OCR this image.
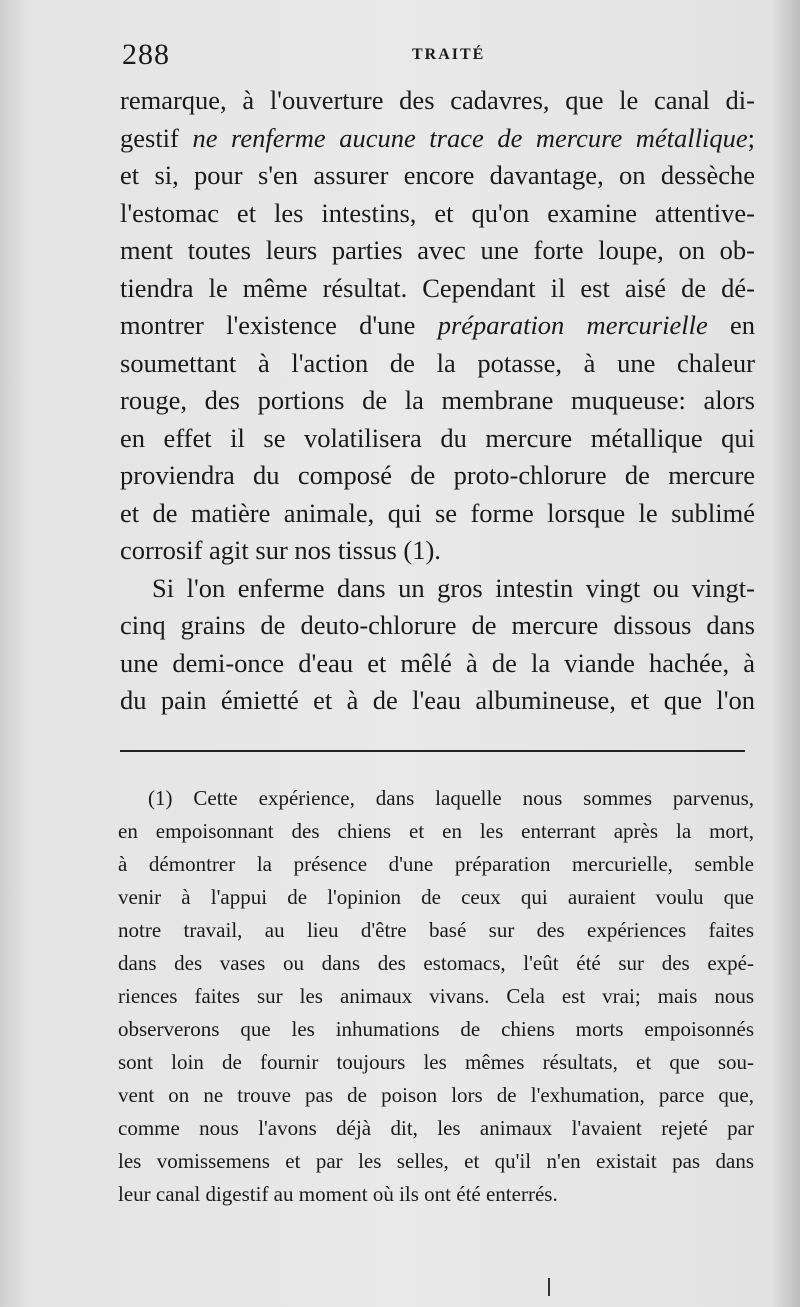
288	TRAITÉ

remarque, à l'ouverture des cadavres, que le canal di-
gestif ne renferme aucune trace de mercure métallique;
et si, pour s'en assurer encore davantage, on dessèche
l'estomac et les intestins, et qu'on examine attentive-
ment toutes leurs parties avec une forte loupe, on ob-
tiendra le même résultat. Cependant il est aisé de dé-
montrer l'existence d'une préparation mercurielle en
soumettant à l'action de la potasse, à une chaleur
rouge, des portions de la membrane muqueuse: alors
en effet il se volatilisera du mercure métallique qui
proviendra du composé de proto-chlorure de mercure
et de matière animale, qui se forme lorsque le sublimé
corrosif agit sur nos tissus (1).

Si l'on enferme dans un gros intestin vingt ou vingt-
cinq grains de deuto-chlorure de mercure dissous dans
une demi-once d'eau et mêlé à de la viande hachée, à
du pain émietté et à de l'eau albumineuse, et que l'on

(1) Cette expérience, dans laquelle nous sommes parvenus,
en empoisonnant des chiens et en les enterrant après la mort,
à démontrer la présence d'une préparation mercurielle, semble
venir à l'appui de l'opinion de ceux qui auraient voulu que
notre travail, au lieu d'être basé sur des expériences faites
dans des vases ou dans des estomacs, l'eût été sur des expé-
riences faites sur les animaux vivans. Cela est vrai; mais nous
observerons que les inhumations de chiens morts empoisonnés
sont loin de fournir toujours les mêmes résultats, et que sou-
vent on ne trouve pas de poison lors de l'exhumation, parce que,
comme nous l'avons déjà dit, les animaux l'avaient rejeté par
les vomissemens et par les selles, et qu'il n'en existait pas dans
leur canal digestif au moment où ils ont été enterrés.
